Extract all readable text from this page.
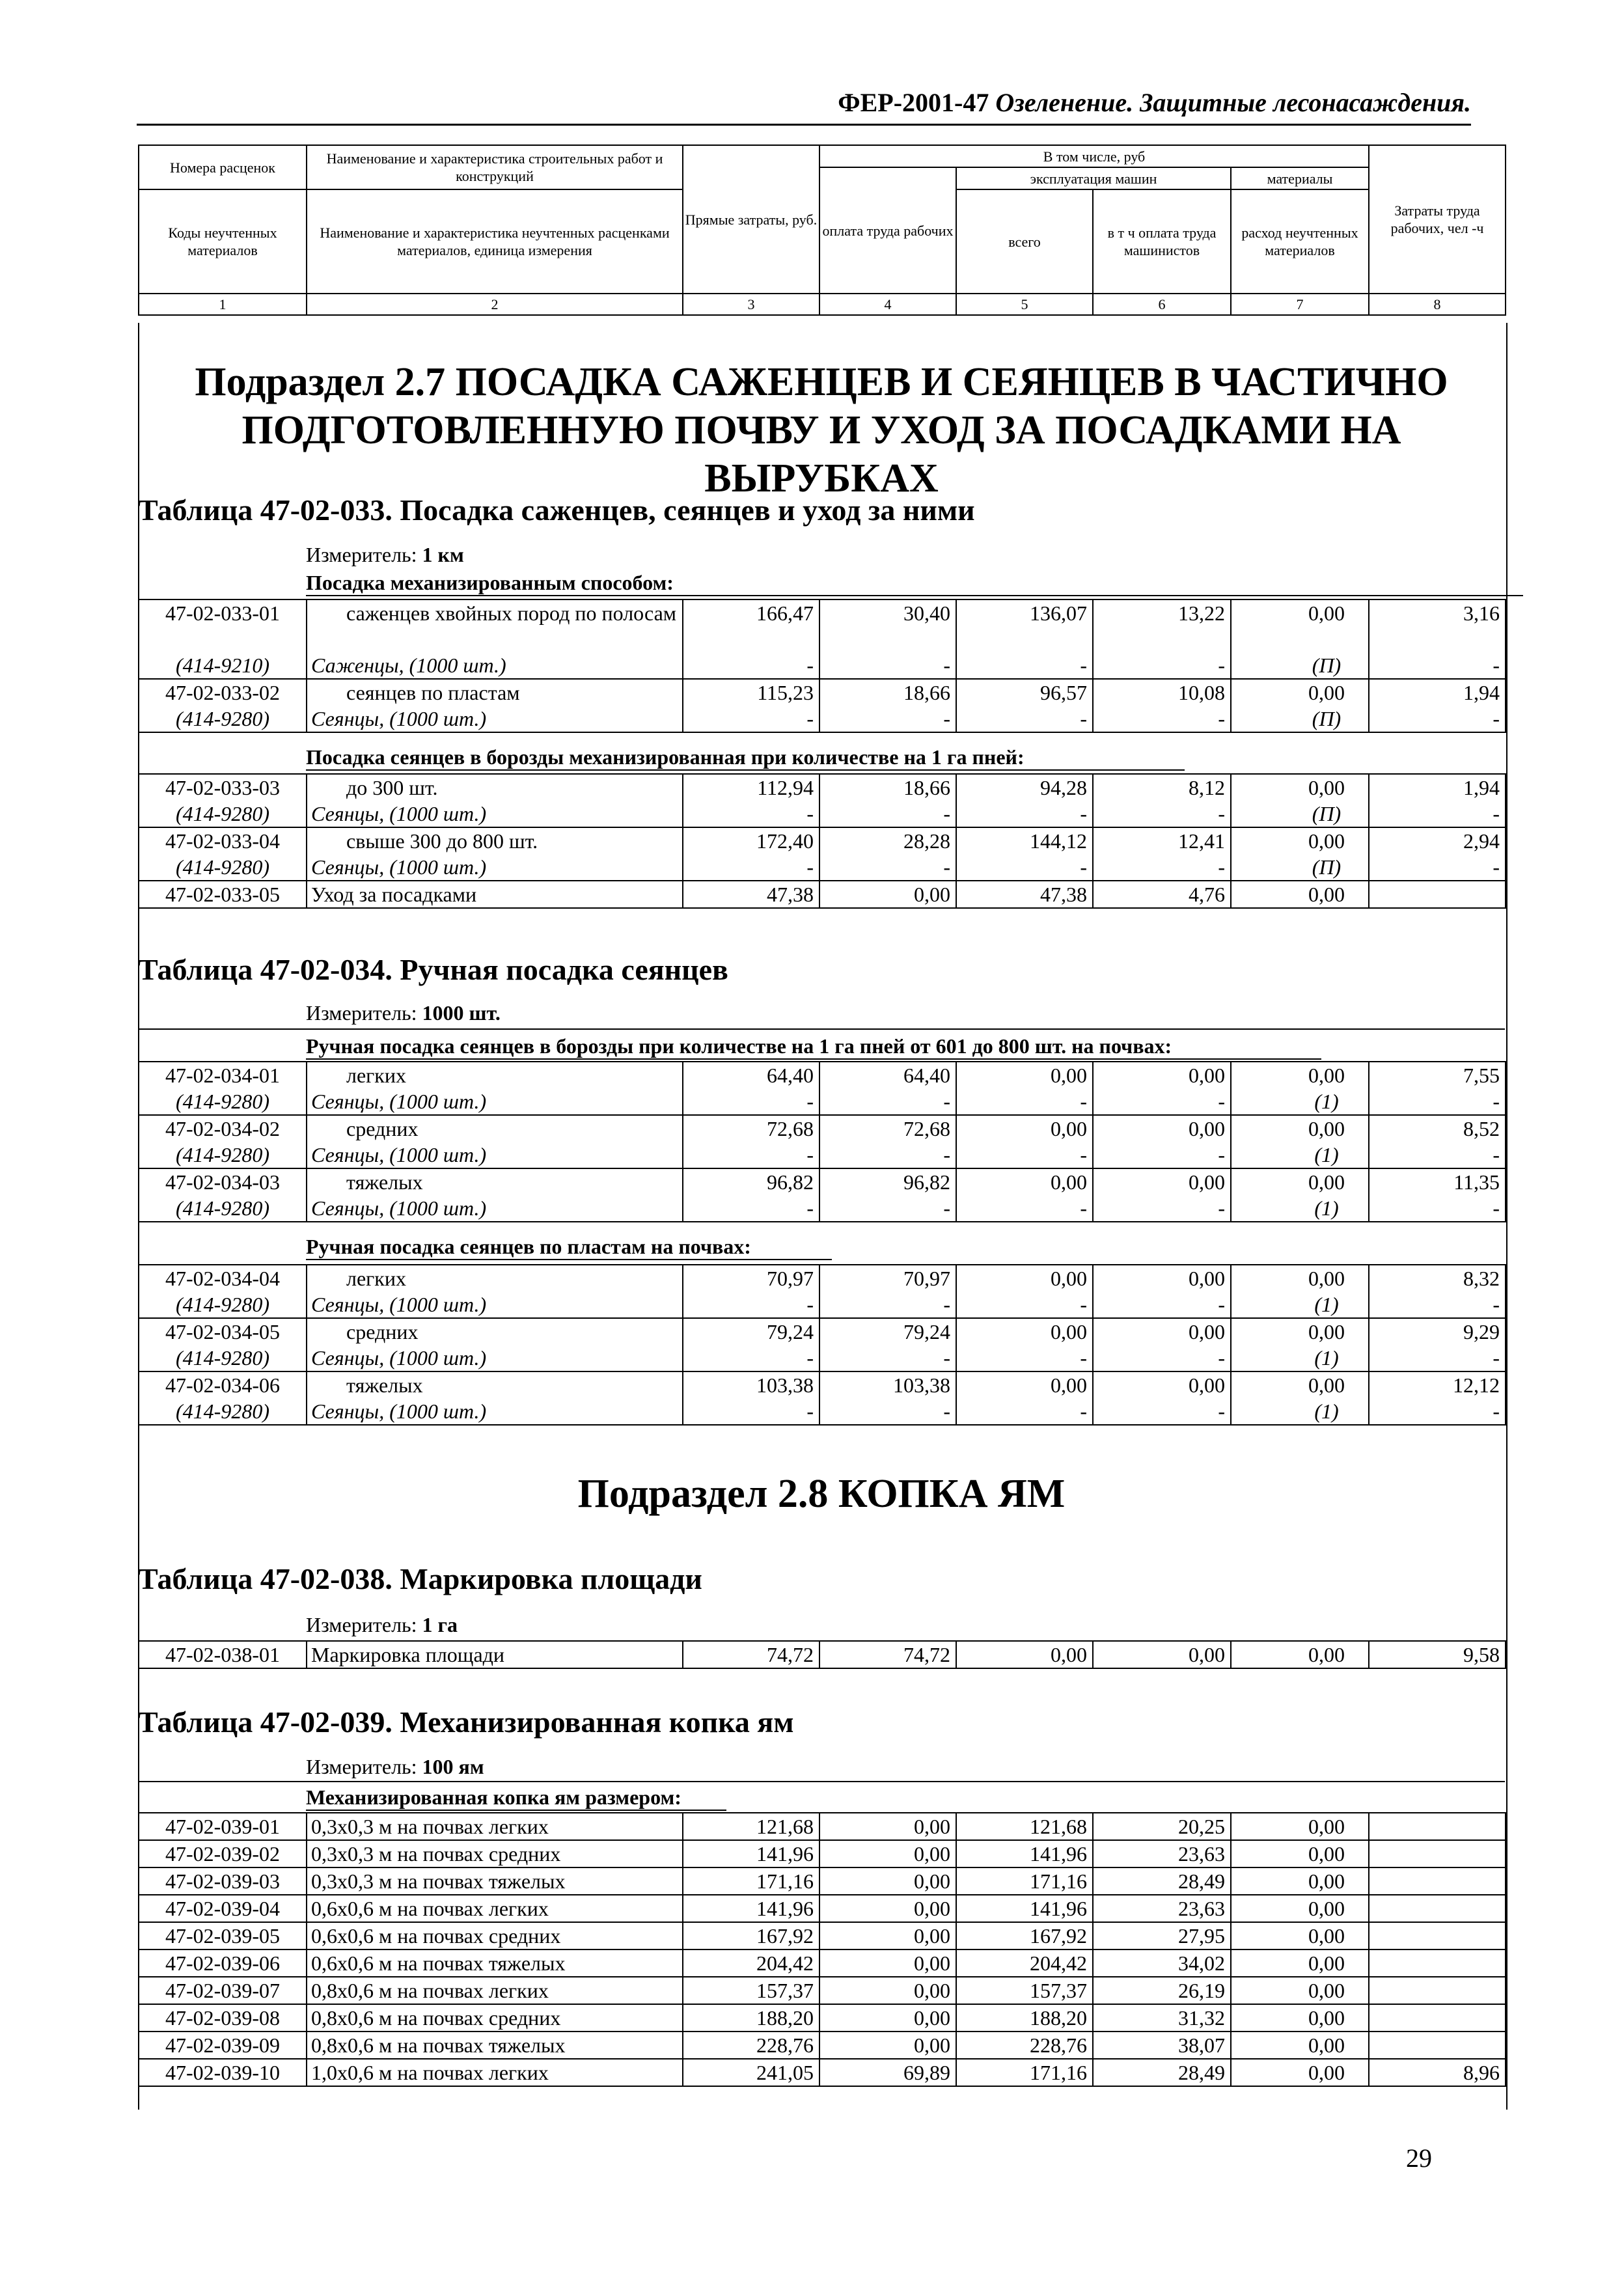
ФЕР-2001-47 Озеленение. Защитные лесонасаждения.
Номера расценок	Наименование и характеристика строительных работ и конструкций	Прямые затраты, руб.	В том числе, руб				Затраты труда рабочих, чел -ч
			оплата труда рабочих	эксплуатация машин		материалы	
Коды неучтенных материалов	Наименование и характеристика неучтенных расценками материалов, единица измерения			всего	в т ч оплата труда машинистов	расход неучтенных материалов	

1	2	3	4	5	6	7	8
Подраздел 2.7 ПОСАДКА САЖЕНЦЕВ И СЕЯНЦЕВ В ЧАСТИЧНО ПОДГОТОВЛЕННУЮ ПОЧВУ И УХОД ЗА ПОСАДКАМИ НА ВЫРУБКАХ
Таблица 47-02-033. Посадка саженцев, сеянцев и уход за ними
Измеритель: 1 км
Посадка механизированным способом:
47-02-033-01	саженцев хвойных пород по полосам	166,47	30,40	136,07	13,22	0,00	3,16
(414-9210)	Саженцы, (1000 шт.)	-	-	-	-	(П)	-
47-02-033-02	сеянцев по пластам	115,23	18,66	96,57	10,08	0,00	1,94
(414-9280)	Сеянцы, (1000 шт.)	-	-	-	-	(П)	-
Посадка сеянцев в борозды механизированная при количестве на 1 га пней:
47-02-033-03	до 300 шт.	112,94	18,66	94,28	8,12	0,00	1,94
(414-9280)	Сеянцы, (1000 шт.)	-	-	-	-	(П)	-
47-02-033-04	свыше 300 до 800 шт.	172,40	28,28	144,12	12,41	0,00	2,94
(414-9280)	Сеянцы, (1000 шт.)	-	-	-	-	(П)	-
47-02-033-05	Уход за посадками	47,38	0,00	47,38	4,76	0,00	
Таблица 47-02-034. Ручная посадка сеянцев
Измеритель: 1000 шт.
Ручная посадка сеянцев в борозды при количестве на 1 га пней от 601 до 800 шт. на почвах:
47-02-034-01	легких	64,40	64,40	0,00	0,00	0,00	7,55
(414-9280)	Сеянцы, (1000 шт.)	-	-	-	-	(1)	-
47-02-034-02	средних	72,68	72,68	0,00	0,00	0,00	8,52
(414-9280)	Сеянцы, (1000 шт.)	-	-	-	-	(1)	-
47-02-034-03	тяжелых	96,82	96,82	0,00	0,00	0,00	11,35
(414-9280)	Сеянцы, (1000 шт.)	-	-	-	-	(1)	-
Ручная посадка сеянцев по пластам на почвах:
47-02-034-04	легких	70,97	70,97	0,00	0,00	0,00	8,32
(414-9280)	Сеянцы, (1000 шт.)	-	-	-	-	(1)	-
47-02-034-05	средних	79,24	79,24	0,00	0,00	0,00	9,29
(414-9280)	Сеянцы, (1000 шт.)	-	-	-	-	(1)	-
47-02-034-06	тяжелых	103,38	103,38	0,00	0,00	0,00	12,12
(414-9280)	Сеянцы, (1000 шт.)	-	-	-	-	(1)	-
Подраздел 2.8 КОПКА ЯМ
Таблица 47-02-038. Маркировка площади
Измеритель: 1 га
47-02-038-01	Маркировка площади	74,72	74,72	0,00	0,00	0,00	9,58
Таблица 47-02-039. Механизированная копка ям
Измеритель: 100 ям
Механизированная копка ям размером:
47-02-039-01	0,3х0,3 м на почвах легких	121,68	0,00	121,68	20,25	0,00	
47-02-039-02	0,3х0,3 м на почвах средних	141,96	0,00	141,96	23,63	0,00	
47-02-039-03	0,3х0,3 м на почвах тяжелых	171,16	0,00	171,16	28,49	0,00	
47-02-039-04	0,6х0,6 м на почвах легких	141,96	0,00	141,96	23,63	0,00	
47-02-039-05	0,6х0,6 м на почвах средних	167,92	0,00	167,92	27,95	0,00	
47-02-039-06	0,6х0,6 м на почвах тяжелых	204,42	0,00	204,42	34,02	0,00	
47-02-039-07	0,8х0,6 м на почвах легких	157,37	0,00	157,37	26,19	0,00	
47-02-039-08	0,8х0,6 м на почвах средних	188,20	0,00	188,20	31,32	0,00	
47-02-039-09	0,8х0,6 м на почвах тяжелых	228,76	0,00	228,76	38,07	0,00	
47-02-039-10	1,0х0,6 м на почвах легких	241,05	69,89	171,16	28,49	0,00	8,96
29
